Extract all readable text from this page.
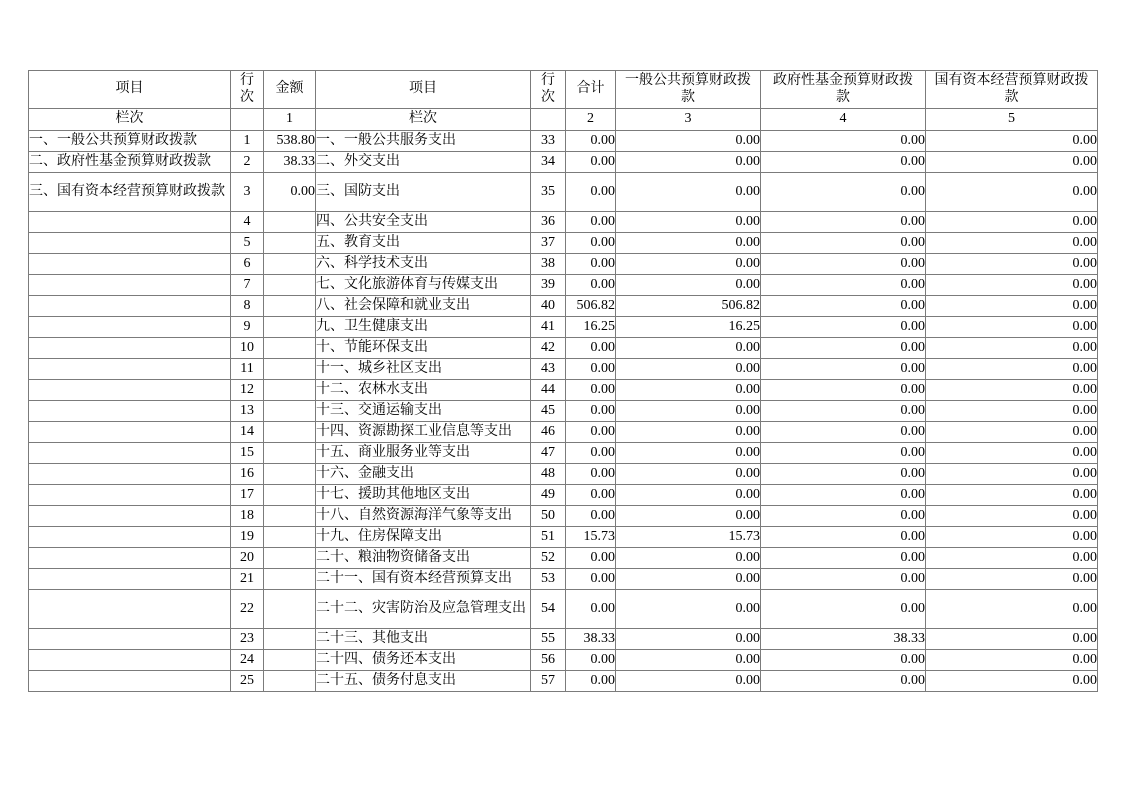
项目	行次	金额	项目	行次	合计	一般公共预算财政拨款	政府性基金预算财政拨款	国有资本经营预算财政拨款
栏次		1	栏次		2	3	4	5
一、一般公共预算财政拨款	1	538.80	一、一般公共服务支出	33	0.00	0.00	0.00	0.00
二、政府性基金预算财政拨款	2	38.33	二、外交支出	34	0.00	0.00	0.00	0.00
三、国有资本经营预算财政拨款	3	0.00	三、国防支出	35	0.00	0.00	0.00	0.00
	4		四、公共安全支出	36	0.00	0.00	0.00	0.00
	5		五、教育支出	37	0.00	0.00	0.00	0.00
	6		六、科学技术支出	38	0.00	0.00	0.00	0.00
	7		七、文化旅游体育与传媒支出	39	0.00	0.00	0.00	0.00
	8		八、社会保障和就业支出	40	506.82	506.82	0.00	0.00
	9		九、卫生健康支出	41	16.25	16.25	0.00	0.00
	10		十、节能环保支出	42	0.00	0.00	0.00	0.00
	11		十一、城乡社区支出	43	0.00	0.00	0.00	0.00
	12		十二、农林水支出	44	0.00	0.00	0.00	0.00
	13		十三、交通运输支出	45	0.00	0.00	0.00	0.00
	14		十四、资源勘探工业信息等支出	46	0.00	0.00	0.00	0.00
	15		十五、商业服务业等支出	47	0.00	0.00	0.00	0.00
	16		十六、金融支出	48	0.00	0.00	0.00	0.00
	17		十七、援助其他地区支出	49	0.00	0.00	0.00	0.00
	18		十八、自然资源海洋气象等支出	50	0.00	0.00	0.00	0.00
	19		十九、住房保障支出	51	15.73	15.73	0.00	0.00
	20		二十、粮油物资储备支出	52	0.00	0.00	0.00	0.00
	21		二十一、国有资本经营预算支出	53	0.00	0.00	0.00	0.00
	22		二十二、灾害防治及应急管理支出	54	0.00	0.00	0.00	0.00
	23		二十三、其他支出	55	38.33	0.00	38.33	0.00
	24		二十四、债务还本支出	56	0.00	0.00	0.00	0.00
	25		二十五、债务付息支出	57	0.00	0.00	0.00	0.00
